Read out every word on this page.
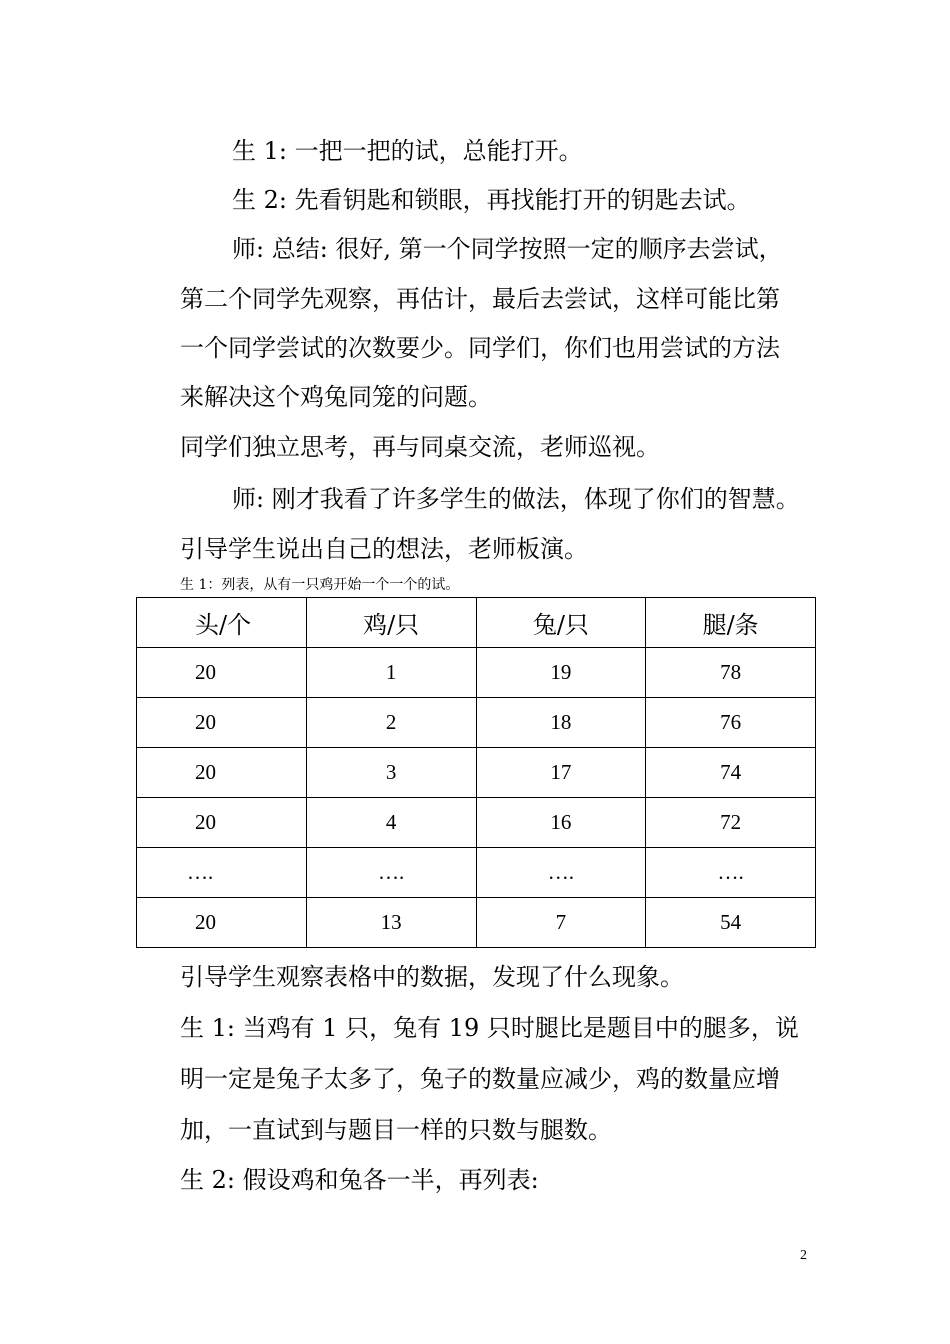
生 1: 一把一把的试，总能打开。
生 2: 先看钥匙和锁眼，再找能打开的钥匙去试。
师: 总结: 很好, 第一个同学按照一定的顺序去尝试，
第二个同学先观察，再估计，最后去尝试，这样可能比第
一个同学尝试的次数要少。同学们，你们也用尝试的方法
来解决这个鸡兔同笼的问题。
同学们独立思考，再与同桌交流，老师巡视。
师: 刚才我看了许多学生的做法，体现了你们的智慧。
引导学生说出自己的想法，老师板演。
生 1：列表，从有一只鸡开始一个一个的试。
头/个	鸡/只	兔/只	腿/条
20	1	19	78
20	2	18	76
20	3	17	74
20	4	16	72
….	….	….	….
20	13	7	54
引导学生观察表格中的数据，发现了什么现象。
生 1: 当鸡有 1 只，兔有 19 只时腿比是题目中的腿多，说
明一定是兔子太多了，兔子的数量应减少，鸡的数量应增
加，一直试到与题目一样的只数与腿数。
生 2: 假设鸡和兔各一半，再列表:
2
